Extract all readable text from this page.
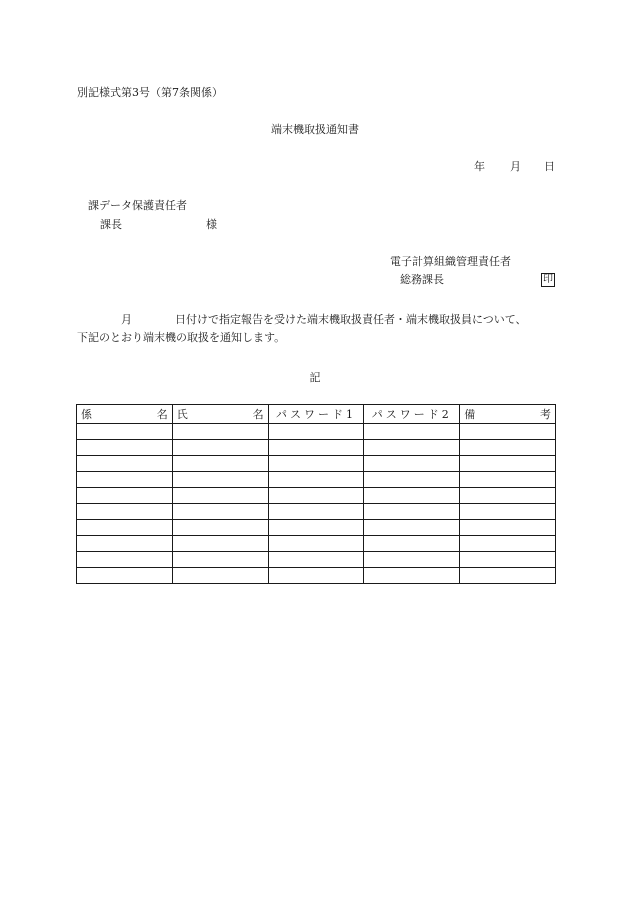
別記様式第3号（第7条関係）
端末機取扱通知書
年 月 日
課データ保護責任者
課長	様
電子計算組織管理責任者
総務課長	印
月	日付けで指定報告を受けた端末機取扱責任者・端末機取扱員について、
下記のとおり端末機の取扱を通知します。
記
係 名	氏 名	パスワード1	パスワード2	備 考
